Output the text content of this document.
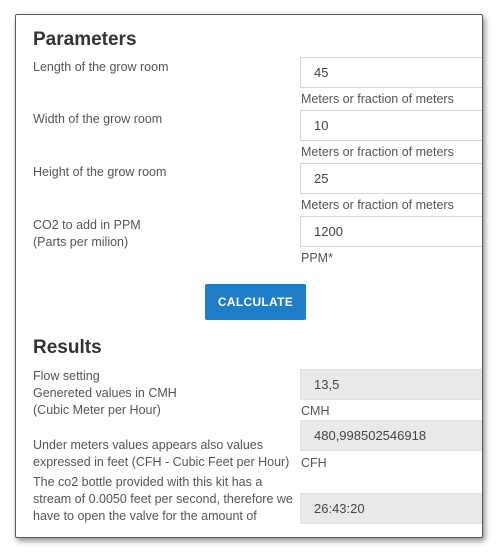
Parameters
Length of the grow room
45
Meters or fraction of meters
Width of the grow room
10
Meters or fraction of meters
Height of the grow room
25
Meters or fraction of meters
CO2 to add in PPM
(Parts per milion)
1200
PPM*
CALCULATE
Results
Flow setting
Genereted values in CMH
(Cubic Meter per Hour)
13,5	CMH
Under meters values appears also values
expressed in feet (CFH - Cubic Feet per Hour)
480,998502546918 CFH
The co2 bottle provided with this kit has a
stream of 0.0050 feet per second, therefore we
have to open the valve for the amount of
26:43:20
